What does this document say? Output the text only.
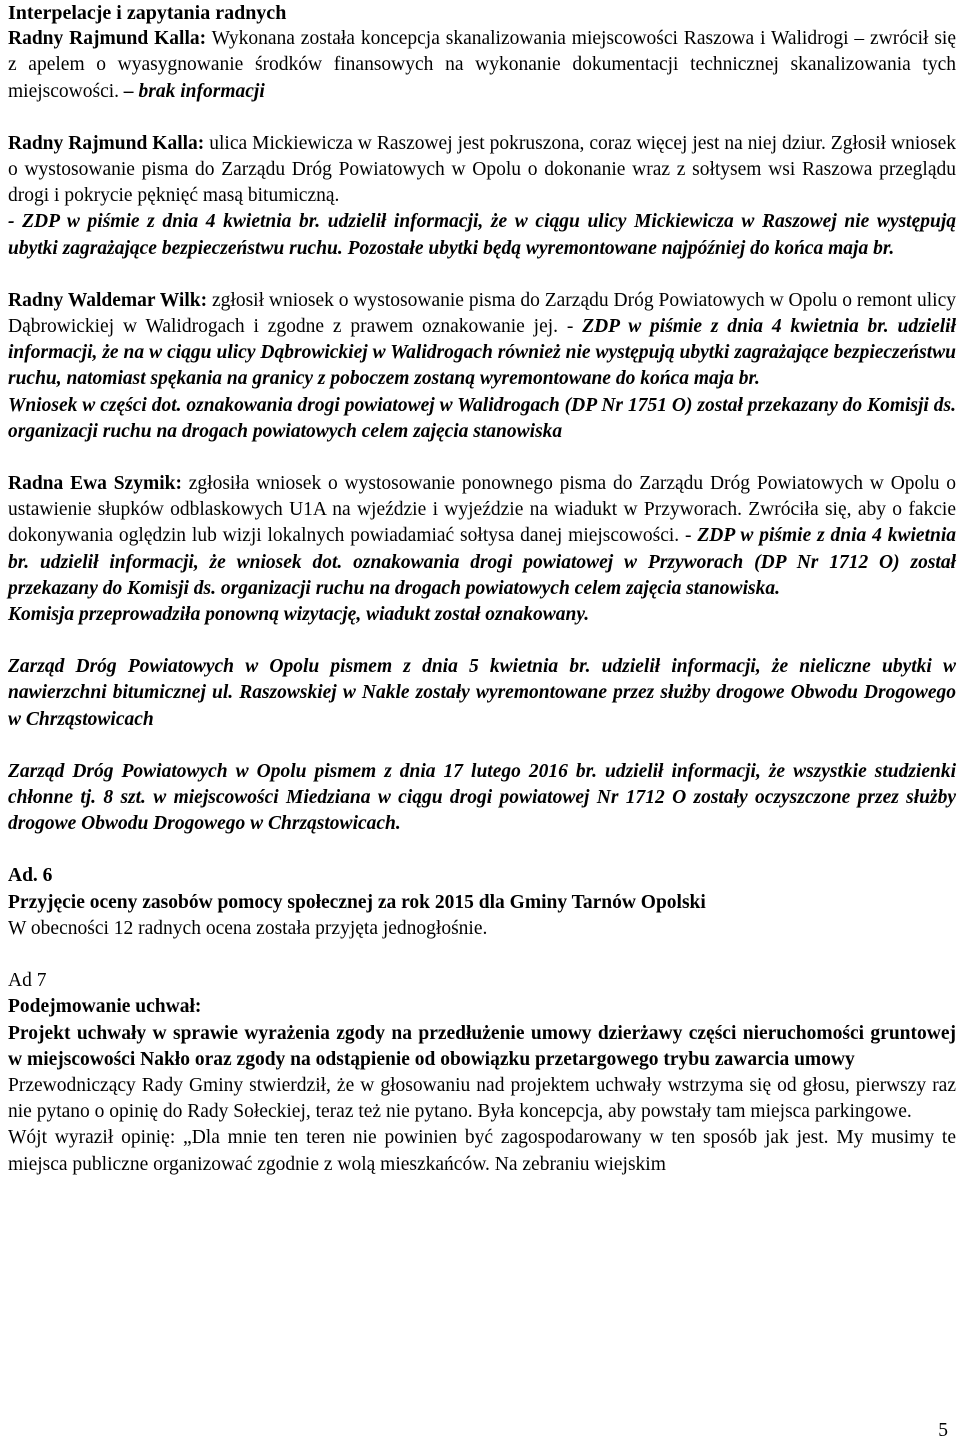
Interpelacje i zapytania radnych

Radny Rajmund Kalla: Wykonana została koncepcja skanalizowania miejscowości Raszowa i Walidrogi – zwrócił się z apelem o wyasygnowanie środków finansowych na wykonanie dokumentacji technicznej skanalizowania tych miejscowości. – brak informacji

Radny Rajmund Kalla: ulica Mickiewicza w Raszowej jest pokruszona, coraz więcej jest na niej dziur. Zgłosił wniosek o wystosowanie pisma do Zarządu Dróg Powiatowych w Opolu o dokonanie wraz z sołtysem wsi Raszowa przeglądu drogi i pokrycie pęknięć masą bitumiczną.

- ZDP w piśmie z dnia 4 kwietnia br. udzielił informacji, że w ciągu ulicy Mickiewicza w Raszowej nie występują ubytki zagrażające bezpieczeństwu ruchu. Pozostałe ubytki będą wyremontowane najpóźniej do końca maja br.

Radny Waldemar Wilk: zgłosił wniosek o wystosowanie pisma do Zarządu Dróg Powiatowych w Opolu o remont ulicy Dąbrowickiej w Walidrogach i zgodne z prawem oznakowanie jej. - ZDP w piśmie z dnia 4 kwietnia br. udzielił informacji, że na w ciągu ulicy Dąbrowickiej w Walidrogach również nie występują ubytki zagrażające bezpieczeństwu ruchu, natomiast spękania na granicy z poboczem zostaną wyremontowane do końca maja br.

Wniosek w części dot. oznakowania drogi powiatowej w Walidrogach (DP Nr 1751 O) został przekazany do Komisji ds. organizacji ruchu na drogach powiatowych celem zajęcia stanowiska

Radna Ewa Szymik: zgłosiła wniosek o wystosowanie ponownego pisma do Zarządu Dróg Powiatowych w Opolu o ustawienie słupków odblaskowych U1A na wjeździe i wyjeździe na wiadukt w Przyworach. Zwróciła się, aby o fakcie dokonywania oględzin lub wizji lokalnych powiadamiać sołtysa danej miejscowości. - ZDP w piśmie z dnia 4 kwietnia br. udzielił informacji, że wniosek dot. oznakowania drogi powiatowej w Przyworach (DP Nr 1712 O) został przekazany do Komisji ds. organizacji ruchu na drogach powiatowych celem zajęcia stanowiska.

Komisja przeprowadziła ponowną wizytację, wiadukt został oznakowany.

Zarząd Dróg Powiatowych w Opolu pismem z dnia 5 kwietnia br. udzielił informacji, że nieliczne ubytki w nawierzchni bitumicznej ul. Raszowskiej w Nakle zostały wyremontowane przez służby drogowe Obwodu Drogowego w Chrząstowicach

Zarząd Dróg Powiatowych w Opolu pismem z dnia 17 lutego 2016 br. udzielił informacji, że wszystkie studzienki chłonne tj. 8 szt. w miejscowości Miedziana w ciągu drogi powiatowej Nr 1712 O zostały oczyszczone przez służby drogowe Obwodu Drogowego w Chrząstowicach.

Ad. 6

Przyjęcie oceny zasobów pomocy społecznej za rok 2015 dla Gminy Tarnów Opolski

W obecności 12 radnych ocena została przyjęta jednogłośnie.

Ad 7

Podejmowanie uchwał:

Projekt uchwały w sprawie wyrażenia zgody na przedłużenie umowy dzierżawy części nieruchomości gruntowej w miejscowości Nakło oraz zgody na odstąpienie od obowiązku przetargowego trybu zawarcia umowy

Przewodniczący Rady Gminy stwierdził, że w głosowaniu nad projektem uchwały wstrzyma się od głosu, pierwszy raz nie pytano o opinię do Rady Sołeckiej, teraz też nie pytano. Była koncepcja, aby powstały tam miejsca parkingowe.

Wójt wyraził opinię: „Dla mnie ten teren nie powinien być zagospodarowany w ten sposób jak jest. My musimy te miejsca publiczne organizować zgodnie z wolą mieszkańców. Na zebraniu wiejskim

5
